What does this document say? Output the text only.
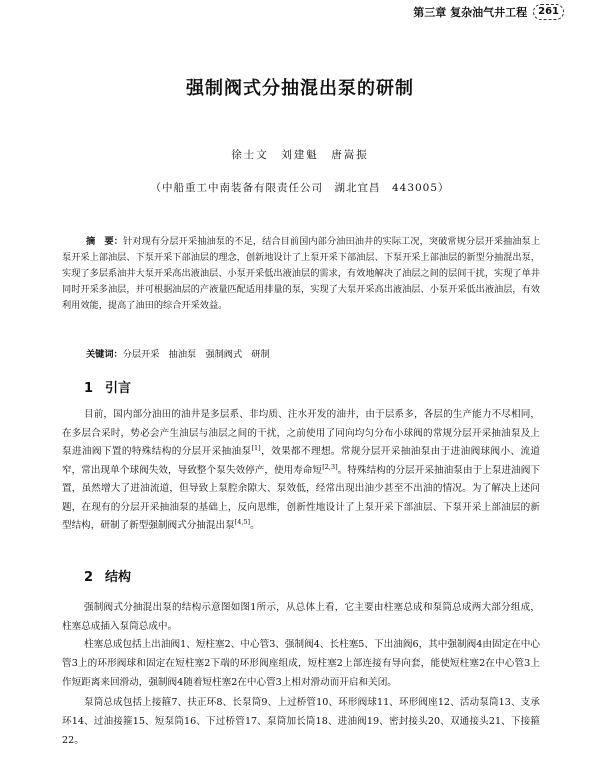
第三章 复杂油气井工程	261
强制阀式分抽混出泵的研制
徐士文　刘建魁　唐嵩振
（中船重工中南装备有限责任公司　湖北宜昌　443005）

摘　要：针对现有分层开采抽油泵的不足，结合目前国内部分油田油井的实际工况，突破常规分层开采抽油泵上泵开采上部油层、下泵开采下部油层的理念，创新地设计了上泵开采下部油层、下泵开采上部油层的新型分抽混出泵，实现了多层系油井大泵开采高出液油层、小泵开采低出液油层的需求，有效地解决了油层之间的层间干扰，实现了单井同时开采多油层，并可根据油层的产液量匹配适用排量的泵，实现了大泵开采高出液油层、小泵开采低出液油层，有效利用效能，提高了油田的综合开采效益。

关键词：分层开采　抽油泵　强制阀式　研制

1 引言

目前，国内部分油田的油井是多层系、非均质、注水开发的油井，由于层系多，各层的生产能力不尽相同，在多层合采时，势必会产生油层与油层之间的干扰，之前使用了同向均匀分布小球阀的常规分层开采抽油泵及上泵进油阀下置的特殊结构的分层开采抽油泵[1]，效果都不理想。常规分层开采抽油泵由于进油阀球阀小、流道窄，常出现单个球阀失效，导致整个泵失效停产，使用寿命短[2,3]。特殊结构的分层开采抽油泵由于上泵进油阀下置，虽然增大了进油流道，但导致上泵腔余隙大、泵效低，经常出现出油少甚至不出油的情况。为了解决上述问题，在现有的分层开采抽油泵的基础上，反向思维，创新性地设计了上泵开采下部油层、下泵开采上部油层的新型结构，研制了新型强制阀式分抽混出泵[4,5]。

2 结构

强制阀式分抽混出泵的结构示意图如图1所示，从总体上看，它主要由柱塞总成和泵筒总成两大部分组成，柱塞总成插入泵筒总成中。

柱塞总成包括上出油阀1、短柱塞2、中心管3、强制阀4、长柱塞5、下出油阀6，其中强制阀4由固定在中心管3上的环形阀球和固定在短柱塞2下端的环形阀座组成，短柱塞2上部连接有导向套，能使短柱塞2在中心管3上作短距离来回滑动，强制阀4随着短柱塞2在中心管3上相对滑动而开启和关闭。

泵筒总成包括上接箍7、扶正环8、长泵筒9、上过桥管10、环形阀球11、环形阀座12、活动泵筒13、支承环14、过油接箍15、短泵筒16、下过桥管17、泵筒加长筒18、进油阀19、密封接头20、双通接头21、下接箍22。
